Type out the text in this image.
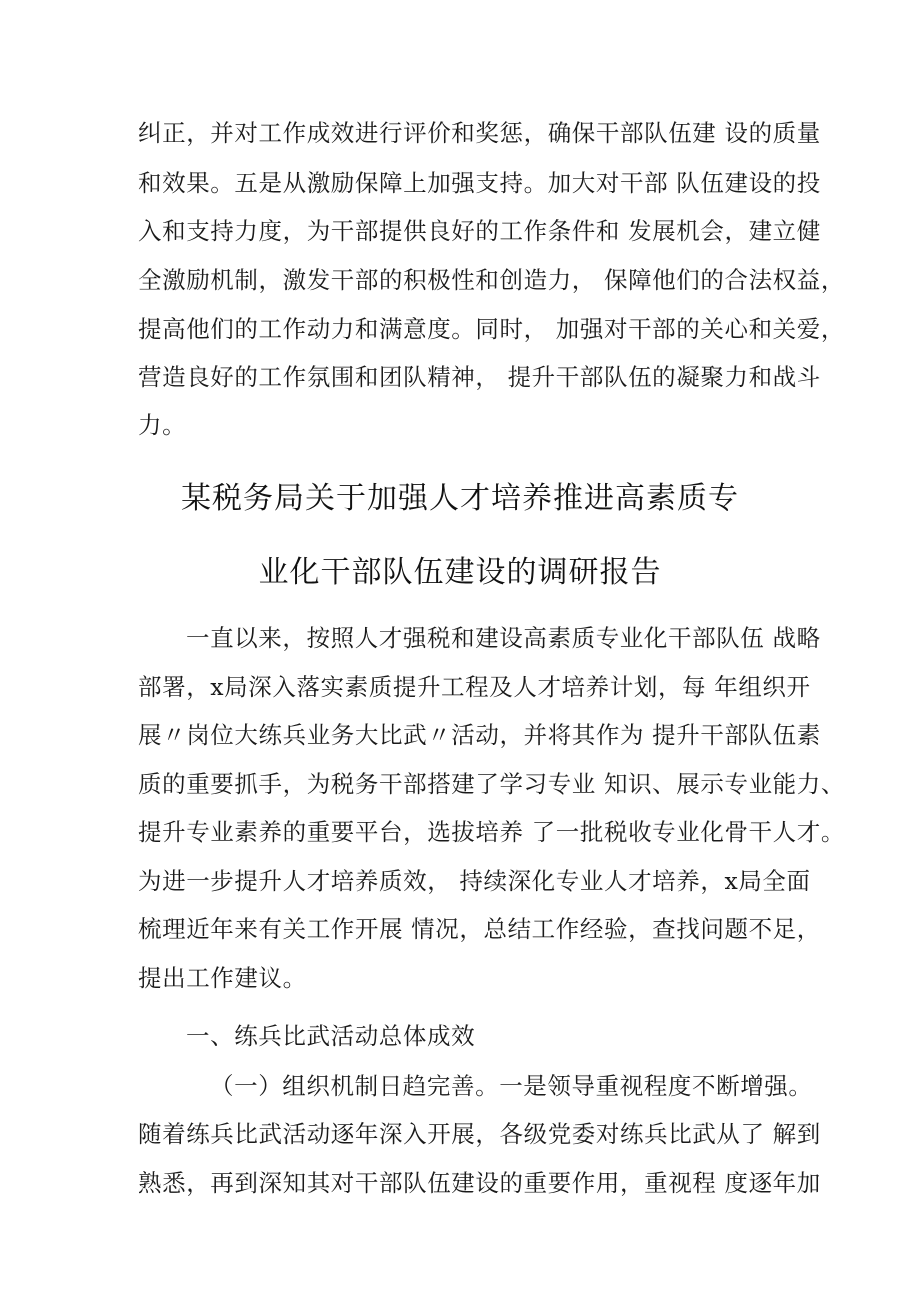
纠正，并对工作成效进行评价和奖惩，确保干部队伍建 设的质量
和效果。五是从激励保障上加强支持。加大对干部 队伍建设的投
入和支持力度，为干部提供良好的工作条件和 发展机会，建立健
全激励机制，激发干部的积极性和创造力， 保障他们的合法权益，
提高他们的工作动力和满意度。同时， 加强对干部的关心和关爱，
营造良好的工作氛围和团队精神， 提升干部队伍的凝聚力和战斗
力。
某税务局关于加强人才培养推进高素质专
业化干部队伍建设的调研报告
一直以来，按照人才强税和建设高素质专业化干部队伍 战略
部署，x局深入落实素质提升工程及人才培养计划，每 年组织开
展〃岗位大练兵业务大比武〃活动，并将其作为 提升干部队伍素
质的重要抓手，为税务干部搭建了学习专业 知识、展示专业能力、
提升专业素养的重要平台，选拔培养 了一批税收专业化骨干人才。
为进一步提升人才培养质效， 持续深化专业人才培养，x局全面
梳理近年来有关工作开展 情况，总结工作经验，查找问题不足，
提出工作建议。
一、练兵比武活动总体成效
（一）组织机制日趋完善。一是领导重视程度不断增强。
随着练兵比武活动逐年深入开展，各级党委对练兵比武从了 解到
熟悉，再到深知其对干部队伍建设的重要作用，重视程 度逐年加
